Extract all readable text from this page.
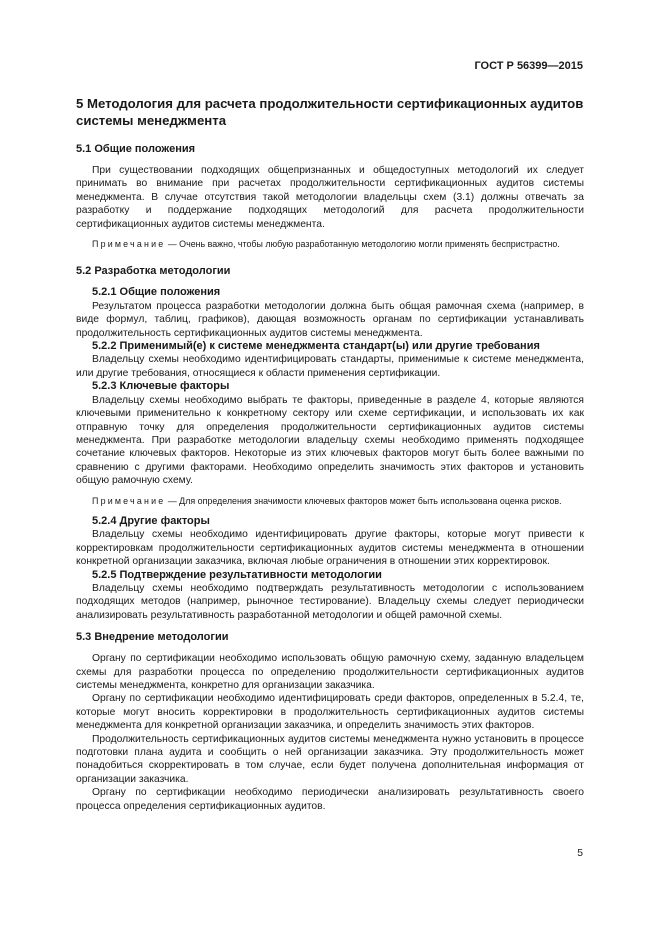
ГОСТ Р 56399—2015
5 Методология для расчета продолжительности сертификационных аудитов системы менеджмента
5.1 Общие положения

При существовании подходящих общепризнанных и общедоступных методологий их следует принимать во внимание при расчетах продолжительности сертификационных аудитов системы менеджмента. В случае отсутствия такой методологии владельцы схем (3.1) должны отвечать за разработку и поддержание подходящих методологий для расчета продолжительности сертификационных аудитов системы менеджмента.

Примечание — Очень важно, чтобы любую разработанную методологию могли применять беспристрастно.
5.2 Разработка методологии
5.2.1 Общие положения

Результатом процесса разработки методологии должна быть общая рамочная схема (например, в виде формул, таблиц, графиков), дающая возможность органам по сертификации устанавливать продолжительность сертификационных аудитов системы менеджмента.

5.2.2 Применимый(е) к системе менеджмента стандарт(ы) или другие требования

Владельцу схемы необходимо идентифицировать стандарты, применимые к системе менеджмента, или другие требования, относящиеся к области применения сертификации.

5.2.3 Ключевые факторы

Владельцу схемы необходимо выбрать те факторы, приведенные в разделе 4, которые являются ключевыми применительно к конкретному сектору или схеме сертификации, и использовать их как отправную точку для определения продолжительности сертификационных аудитов системы менеджмента. При разработке методологии владельцу схемы необходимо применять подходящее сочетание ключевых факторов. Некоторые из этих ключевых факторов могут быть более важными по сравнению с другими факторами. Необходимо определить значимость этих факторов и установить общую рамочную схему.

Примечание — Для определения значимости ключевых факторов может быть использована оценка рисков.
5.2.4 Другие факторы

Владельцу схемы необходимо идентифицировать другие факторы, которые могут привести к корректировкам продолжительности сертификационных аудитов системы менеджмента в отношении конкретной организации заказчика, включая любые ограничения в отношении этих корректировок.

5.2.5 Подтверждение результативности методологии

Владельцу схемы необходимо подтверждать результативность методологии с использованием подходящих методов (например, рыночное тестирование). Владельцу схемы следует периодически анализировать результативность разработанной методологии и общей рамочной схемы.

5.3 Внедрение методологии

Органу по сертификации необходимо использовать общую рамочную схему, заданную владельцем схемы для разработки процесса по определению продолжительности сертификационных аудитов системы менеджмента, конкретно для организации заказчика.

Органу по сертификации необходимо идентифицировать среди факторов, определенных в 5.2.4, те, которые могут вносить корректировки в продолжительность сертификационных аудитов системы менеджмента для конкретной организации заказчика, и определить значимость этих факторов.

Продолжительность сертификационных аудитов системы менеджмента нужно установить в процессе подготовки плана аудита и сообщить о ней организации заказчика. Эту продолжительность может понадобиться скорректировать в том случае, если будет получена дополнительная информация от организации заказчика.

Органу по сертификации необходимо периодически анализировать результативность своего процесса определения сертификационных аудитов.

5
